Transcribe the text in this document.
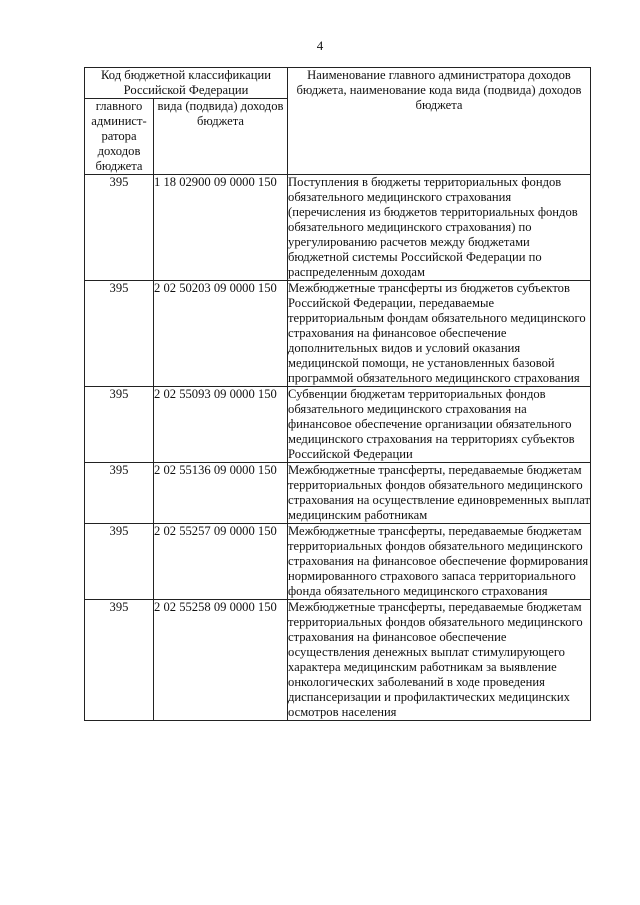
4
Код бюджетной классификации Российской Федерации		Наименование главного администратора доходов бюджета, наименование кода вида (подвида) доходов бюджета
главного админист-ратора доходов бюджета	вида (подвида) доходов бюджета	
395	1 18 02900 09 0000 150	Поступления в бюджеты территориальных фондов обязательного медицинского страхования (перечисления из бюджетов территориальных фондов обязательного медицинского страхования) по урегулированию расчетов между бюджетами бюджетной системы Российской Федерации по распределенным доходам
395	2 02 50203 09 0000 150	Межбюджетные трансферты из бюджетов субъектов Российской Федерации, передаваемые территориальным фондам обязательного медицинского страхования на финансовое обеспечение дополнительных видов и условий оказания медицинской помощи, не установленных базовой программой обязательного медицинского страхования
395	2 02 55093 09 0000 150	Субвенции бюджетам территориальных фондов обязательного медицинского страхования на финансовое обеспечение организации обязательного медицинского страхования на территориях субъектов Российской Федерации
395	2 02 55136 09 0000 150	Межбюджетные трансферты, передаваемые бюджетам территориальных фондов обязательного медицинского страхования на осуществление единовременных выплат медицинским работникам
395	2 02 55257 09 0000 150	Межбюджетные трансферты, передаваемые бюджетам территориальных фондов обязательного медицинского страхования на финансовое обеспечение формирования нормированного страхового запаса территориального фонда обязательного медицинского страхования
395	2 02 55258 09 0000 150	Межбюджетные трансферты, передаваемые бюджетам территориальных фондов обязательного медицинского страхования на финансовое обеспечение осуществления денежных выплат стимулирующего характера медицинским работникам за выявление онкологических заболеваний в ходе проведения диспансеризации и профилактических медицинских осмотров населения
